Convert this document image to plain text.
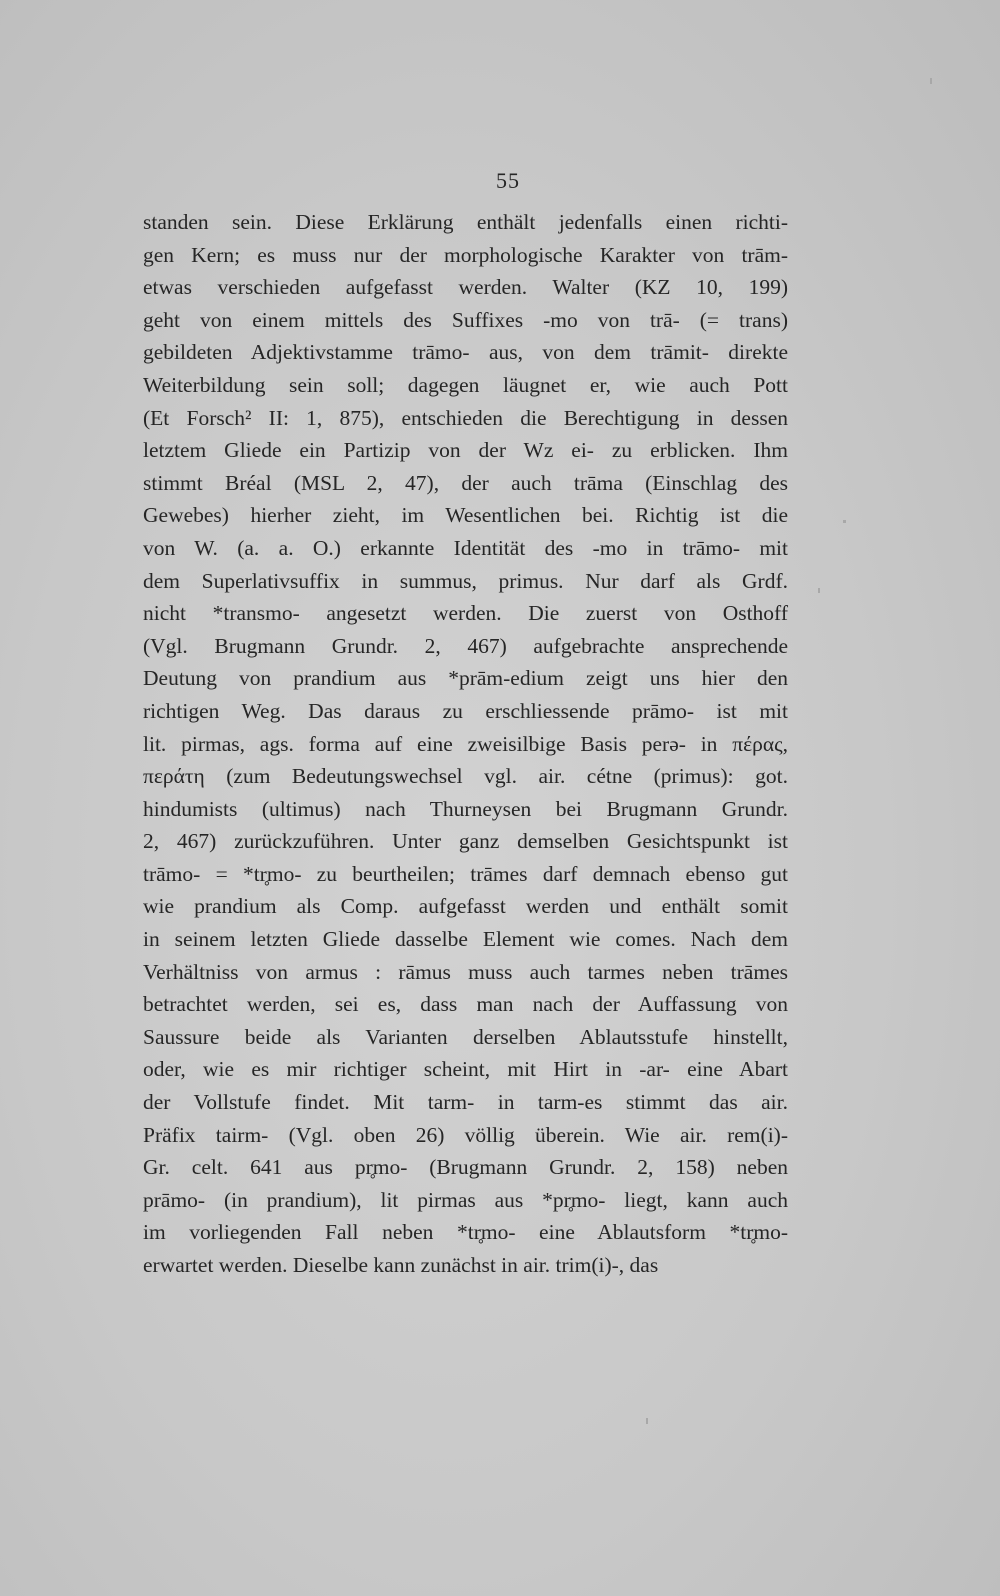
55
standen sein. Diese Erklärung enthält jedenfalls einen richti-
gen Kern; es muss nur der morphologische Karakter von trām-
etwas verschieden aufgefasst werden. Walter (KZ 10, 199)
geht von einem mittels des Suffixes -mo von trā- (= trans)
gebildeten Adjektivstamme trāmo- aus, von dem trāmit- direkte
Weiterbildung sein soll; dagegen läugnet er, wie auch Pott
(Et Forsch² II: 1, 875), entschieden die Berechtigung in dessen
letztem Gliede ein Partizip von der Wz ei- zu erblicken. Ihm
stimmt Bréal (MSL 2, 47), der auch trāma (Einschlag des
Gewebes) hierher zieht, im Wesentlichen bei. Richtig ist die
von W. (a. a. O.) erkannte Identität des -mo in trāmo- mit
dem Superlativsuffix in summus, primus. Nur darf als Grdf.
nicht *transmo- angesetzt werden. Die zuerst von Osthoff
(Vgl. Brugmann Grundr. 2, 467) aufgebrachte ansprechende
Deutung von prandium aus *prām-edium zeigt uns hier den
richtigen Weg. Das daraus zu erschliessende prāmo- ist mit
lit. pirmas, ags. forma auf eine zweisilbige Basis perə- in πέρας,
περάτη (zum Bedeutungswechsel vgl. air. cétne (primus): got.
hindumists (ultimus) nach Thurneysen bei Brugmann Grundr.
2, 467) zurückzuführen. Unter ganz demselben Gesichtspunkt ist
trāmo- = *tr̥mo- zu beurtheilen; trāmes darf demnach ebenso gut
wie prandium als Comp. aufgefasst werden und enthält somit
in seinem letzten Gliede dasselbe Element wie comes. Nach dem
Verhältniss von armus : rāmus muss auch tarmes neben trāmes
betrachtet werden, sei es, dass man nach der Auffassung von
Saussure beide als Varianten derselben Ablautsstufe hinstellt,
oder, wie es mir richtiger scheint, mit Hirt in -ar- eine Abart
der Vollstufe findet. Mit tarm- in tarm-es stimmt das air.
Präfix tairm- (Vgl. oben 26) völlig überein. Wie air. rem(i)-
Gr. celt. 641 aus pr̥mo- (Brugmann Grundr. 2, 158) neben
prāmo- (in prandium), lit pirmas aus *pr̥mo- liegt, kann auch
im vorliegenden Fall neben *tr̥mo- eine Ablautsform *tr̥mo-
erwartet werden. Dieselbe kann zunächst in air. trim(i)-, das
